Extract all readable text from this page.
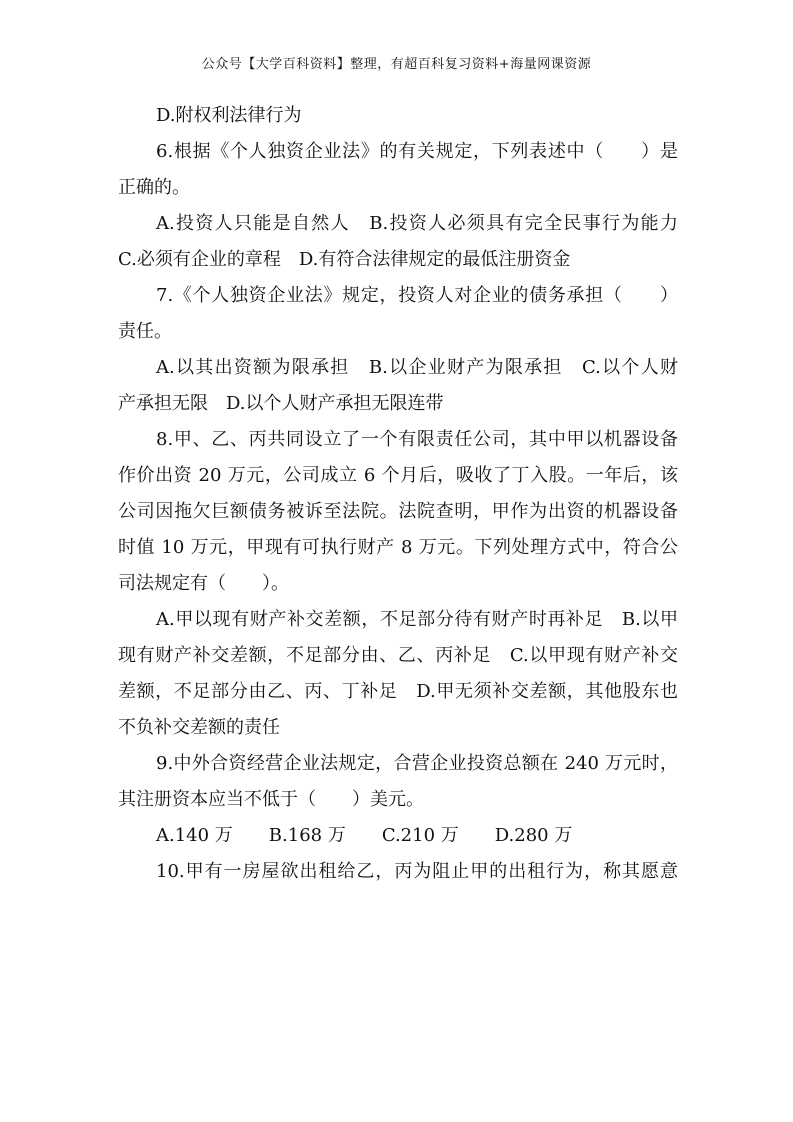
公众号【大学百科资料】整理，有超百科复习资料+海量网课资源

D.附权利法律行为

6.根据《个人独资企业法》的有关规定，下列表述中（　　）是

正确的。

A.投资人只能是自然人　B.投资人必须具有完全民事行为能力

C.必须有企业的章程　D.有符合法律规定的最低注册资金

7.《个人独资企业法》规定，投资人对企业的债务承担（　　）

责任。

A.以其出资额为限承担　B.以企业财产为限承担　C.以个人财

产承担无限　D.以个人财产承担无限连带

8.甲、乙、丙共同设立了一个有限责任公司，其中甲以机器设备

作价出资 20 万元，公司成立 6 个月后，吸收了丁入股。一年后，该

公司因拖欠巨额债务被诉至法院。法院查明，甲作为出资的机器设备

时值 10 万元，甲现有可执行财产 8 万元。下列处理方式中，符合公

司法规定有（　　）。

A.甲以现有财产补交差额，不足部分待有财产时再补足　B.以甲

现有财产补交差额，不足部分由、乙、丙补足　C.以甲现有财产补交

差额，不足部分由乙、丙、丁补足　D.甲无须补交差额，其他股东也

不负补交差额的责任

9.中外合资经营企业法规定，合营企业投资总额在 240 万元时，

其注册资本应当不低于（　　）美元。

A.140 万　　B.168 万　　C.210 万　　D.280 万

10.甲有一房屋欲出租给乙，丙为阻止甲的出租行为，称其愿意
